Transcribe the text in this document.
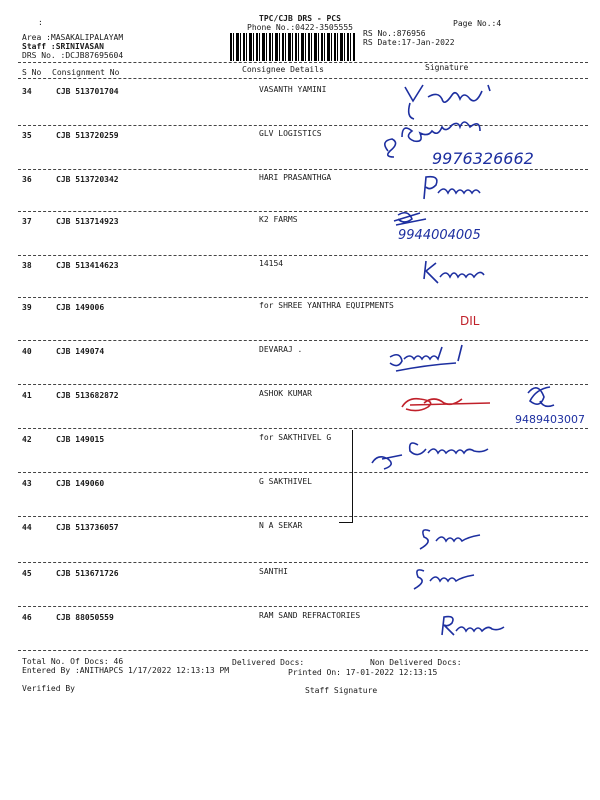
:	TPC/CJB DRS - PCS
Phone No.:0422-3505555	Page No.:4
RS No.:876956
RS Date:17-Jan-2022
Area :MASAKALIPALAYAM
Staff :SRINIVASAN
DRS No. :DCJB87695604
S No Consignment No	Consignee Details	Signature
34	CJB 513701704	VASANTH YAMINI
35	CJB 513720259	GLV LOGISTICS
9976326662
36	CJB 513720342	HARI PRASANTHGA
37	CJB 513714923	K2 FARMS
9944004005
38	CJB 513414623	14154
39	CJB 149006	for SHREE YANTHRA EQUIPMENTS
DIL
40	CJB 149074	DEVARAJ .
41	CJB 513682872	ASHOK KUMAR
9489403007
42	CJB 149015	for SAKTHIVEL G
43	CJB 149060	G SAKTHIVEL
44	CJB 513736057	N A SEKAR
45	CJB 513671726	SANTHI
46	CJB 88050559	RAM SAND REFRACTORIES
Total No. Of Docs: 46	Delivered Docs:	Non Delivered Docs:
Entered By :ANITHAPCS 1/17/2022 12:13:13 PM	Printed On: 17-01-2022 12:13:15
Verified By	Staff Signature
